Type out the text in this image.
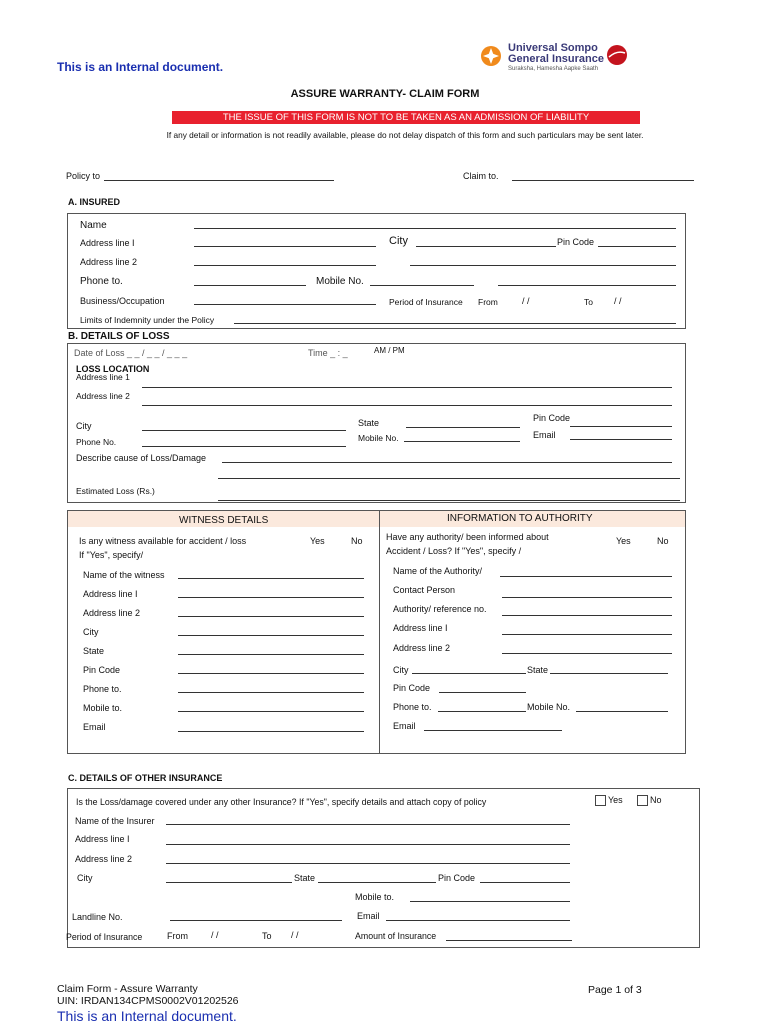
This is an Internal document.
Universal Sompo
General Insurance
Suraksha, Hamesha Aapke Saath
ASSURE WARRANTY- CLAIM FORM
THE ISSUE OF THIS FORM IS NOT TO BE TAKEN AS AN ADMISSION OF LIABILITY
If any detail or information is not readily available, please do not delay dispatch of this form and such particulars may be sent later.
Policy to	Claim to.
A. INSURED
Name
Address line I	City	Pin Code
Address line 2
Phone to.	Mobile No.
Business/Occupation	Period of Insurance From	/ /	To / /
Limits of Indemnity under the Policy
B. DETAILS OF LOSS
Date of Loss _ _ / _ _ / _ _ _	Time _ : _	AM / PM
LOSS LOCATION
Address line 1
Address line 2
City	State	Pin Code
Phone No.	Mobile No.	Email
Describe cause of Loss/Damage
Estimated Loss (Rs.)
WITNESS DETAILS	INFORMATION TO AUTHORITY
Is any witness available for accident / loss
If "Yes", specify/
Yes	No
Name of the witness
Address line I
Address line 2
City
State
Pin Code
Phone to.
Mobile to.
Email
Have any authority/ been informed about
Accident / Loss? If "Yes", specify /
Yes	No
Name of the Authority/
Contact Person
Authority/ reference no.
Address line I
Address line 2
City	State
Pin Code
Phone to.	Mobile No.
Email
C. DETAILS OF OTHER INSURANCE
Is the Loss/damage covered under any other Insurance? If "Yes", specify details and attach copy of policy	Yes	No
Name of the Insurer
Address line I
Address line 2
City	State	Pin Code
Mobile to.
Landline No.	Email
Period of Insurance	From	/ /	To / /	Amount of Insurance
Claim Form - Assure Warranty
UIN: IRDAN134CPMS0002V01202526
Page 1 of 3
This is an Internal document.
